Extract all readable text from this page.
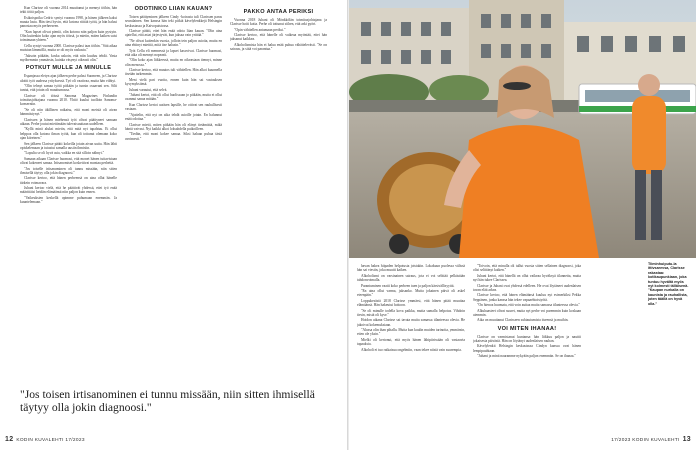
Kun Clarisse oli vuonna 2014 muuttanut ja mennyt töihin, hän tekii töitä paljon.

Esikoispoika Cedric syntyi vuonna 1998, ja hänen jälkeen kaksi muuta lasta. Hän tiesi hyvin, että kotona riittää työtä, ja hän halusi panostaa myös perheeseen.

"Kun lapset olivat pieniä, olin kotona niin paljon kuin pystyin. Olin kuitenkin koko ajan myös töissä, ja mietin, miten kaiken saisi toimimaan yhteen."

Cellu syntyi vuonna 2000. Clarisse palasi taas töihin. "Sitä aikaa muistan lämmöllä, mutta se oli myös raskasta."

"Jaksoin pitkään, koska uskoin, että niin kuuluu tehdä. Vasta myöhemmin ymmärsin, kuinka väsynyt oikeasti olin."

POTKUT MULLE JA MINULLE

Espanjassa eletyn ajan jälkeen perhe palasi Suomeen, ja Clarisse aloitti työt uudessa yrityksessä. Työ oli vaativaa, mutta hän viihtyi.

"Olin tehnyt samaa työtä pitkään ja tunsin osaavani sen. Silti tuntui, että jotain oli muuttumassa."

Clarisse oli töissä Sanoma Magazines Finlandin toimitusjohtajana vuonna 2010. Yhtiö kuului tuolloin Sanoma-konserniin.

"Se oli niin äkillinen ratkaisu, että moni meistä oli aivan hämmästynyt."

Clarissen ja hänen miehensä työt olivat päättyneet samaan aikaan. Perhe joutui miettimään tulevaisuuttaan uudelleen.

"Kyllä minä aluksi mietin, että mitä nyt tapahtuu. Ei ollut helppoa olla kotona ilman työtä, kun oli tottunut olemaan koko ajan kiireinen."

Sen jälkeen Clarisse päätti kokeilla jotain aivan uutta. Hän lähti opiskelemaan ja tutustui samalla uusiin ihmisiin.

"Lopulta se oli hyvä asia, vaikka en sitä silloin nähnyt."

Samaan aikaan Clarisse huomasi, että monet hänen tuttavistaan olivat kokeneet samaa. Irtisanomiset koskettivat montaa perhettä.

"Jos toiselle irtisanominen oli tunnu missään, niin sitten ihmisellä täytyy olla jokin diagnoosi."

Clarisse kertoo, että hänen perheensä on aina ollut hänelle tärkein voimavara.

Juhani kertoo vielä, että he päättivät yhdessä, ettei työ enää määrittäisi heidän elämäänsä niin paljon kuin ennen.

"Vaikeuksien keskellä opimme puhumaan enemmän. Ja kuuntelemaan."

ODOTINKO LIIAN KAUAN?

Toisen päättyminen jälkeen Cindy -koirasta tuli Clarissen paras seuralainen. Sen kanssa hän teki pitkiä kävelylenkkejä Helsingin keskustassa ja Kaivopuistossa.

Clarisse päätti, ettei hän enää odota liian kauan. "Olin aina ajatellut, että asiat järjestyvät, kun jaksaa vain yrittää."

"Ne olivat kuitenkin vuosia, jolloin tein paljon asioita, mutta en aina ehtinyt miettiä, mitä itse halusin."

Työt Cellu eli mennessä ja lapset kasvoivat. Clarisse huomasi, että aika oli mennyt nopeasti.

"Olin koko ajan liikkeessä, mutta en oikeastaan tiennyt, minne olin menossa."

Clarisse kertoo, että muutos tuli vähitellen. Hän alkoi kuunnella itseään tarkemmin.

Meni vielä pari vuotta, ennen kuin hän sai vastauksen kysymyksiinsä.

Juhani varautui, että selvä.

"Juhani kertoi, että oli ollut huolissaan jo pitkään, mutta ei ollut osannut sanoa mitään."

Kun Clarisse kertoi uutisen lapsille, he ottivat sen rauhallisesti vastaan.

"Ajattelin, että nyt on aika tehdä asioille jotain. En halunnut enää odottaa."

Clarisse mietti, miten pitkään hän oli elänyt tietämättä, mikä häntä vaivasi. Nyt kaikki alkoi loksahdella paikoilleen.

"Tiedän, että moni kokee samaa. Siksi haluan puhua tästä avoimesti."

PAKKO ANTAA PERIKSI

Vuonna 2018 Juhani oli Mönkkölän toimitusjohtajana ja Clarisse hoiti kotia. Perhe oli tottunut siihen, että arki pyöri.

"Opin vähitellen antamaan periksi."

Clarisse kertoo, että hänelle oli vaikeaa myöntää, ettei hän jaksanut kaikkea.

Alkoholismista hän ei halua enää puhua vähättelevästi. "Se on sairaus, ja siitä voi parantua."

"Jos toisen irtisanominen ei tunnu missään, niin sitten ihmisellä täytyy olla jokin diagnoosi."
12 KODIN KUVALEHTI 17/2023

havan hakea hiipaden helpotusta joistakin. Lokakuun puolessa välissä hän sai viestin, joka muutti kaiken.

Alkoholismi on varsinainen sairaus, jota ei voi selittää pelkästään tahdonvoimalla.

Parantuminen vaatii koko perheen tuen ja paljon kärsivällisyyttä.

"En aina ollut varma, jaksanko. Mutta jokainen päivä oli askel eteenpäin."

Loppukesästä 2018 Clarisse ymmärsi, että hänen pitää muuttaa elämäänsä. Hän hakeutui hoitoon.

"Se oli minulle todella kova paikka, mutta samalla helpotus. Vihdoin tiesin, mistä oli kyse."

Hoidon aikana Clarisse sai tavata muita samassa tilanteessa olevia. He jakoivat kokemuksiaan.

"Alussa olin ihan pihalla. Mutta kun kuulin muiden tarinoita, ymmärsin, etten ole yksin."

Mielki oli kertonut, että myös hänen lähipiirissään oli vastaavia tapauksia.

Alkoholi ei tuo ratkaisua ongelmiin, vaan tekee niistä vain suurempia.

"Toivoin, että minulla oli tullut vuosia sitten sellainen diagnoosi, joka olisi selittänyt kaiken."

Juhani kertoi, että hänellä on ollut vaikeaa hyväksyä tilannetta, mutta nyt hän tukee Clarissea.

Clarisse ja Juhani ovat yhdessä edelleen. He ovat löytäneet uudenlaisen tavan elää arkea.

Clarisse kertoo, että hänen elämäänsä kuuluu nyt esimerkiksi Pekka Seppänen, jonka kanssa hän tekee vapaaehtoistyötä.

"On hienoa huomata, että voin auttaa muita samassa tilanteessa olevia."

Alkuhaasteet olivat suuret, mutta nyt perhe voi paremmin kuin koskaan aiemmin.

Aika on muuttanut Clarisseen suhtautumista itseensä ja muihin.

VOI MITEN IHANAA!

Clarisse on varmistanut kuntansa: hän liikkuu paljon ja nauttii jokaisesta päivästä. Hän on löytänyt uudenlaisen rauhan.

Kävelylenkit Helsingin keskustassa Cindyn kanssa ovat hänen lempipuuhiaan.

"Juhani ja minä nauramme nykyään paljon enemmän. Se on ihanaa."

Tiiminhuiputu-la ittivsarevsa, Clarisse rakastaa: kotikaupunkiaan, joka tuntuu hyvältä myös nyt kolmesti tälläisenä. "Kaupan nurkalla on kaunista ja rauhallista, joten täällä on hyvä olla."
17/2023 KODIN KUVALEHTI 13
